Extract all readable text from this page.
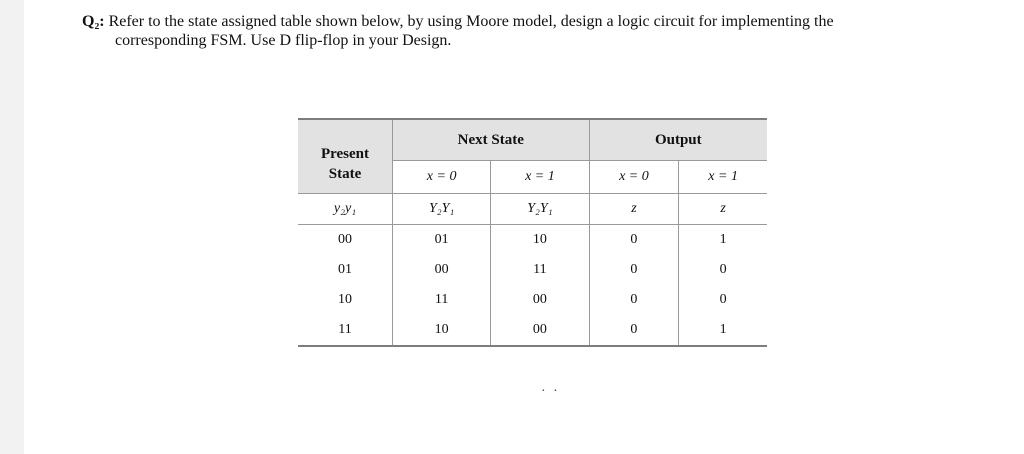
Q₂: Refer to the state assigned table shown below, by using Moore model, design a logic circuit for implementing the
corresponding FSM. Use D flip-flop in your Design.
Present
State	Next State		Output	
	x = 0	x = 1	x = 0	x = 1
y₂y₁	Y₂Y₁	Y₂Y₁	z	z
00	01	10	0	1
01	00	11	0	0
10	11	00	0	0
11	10	00	0	1
· ·
